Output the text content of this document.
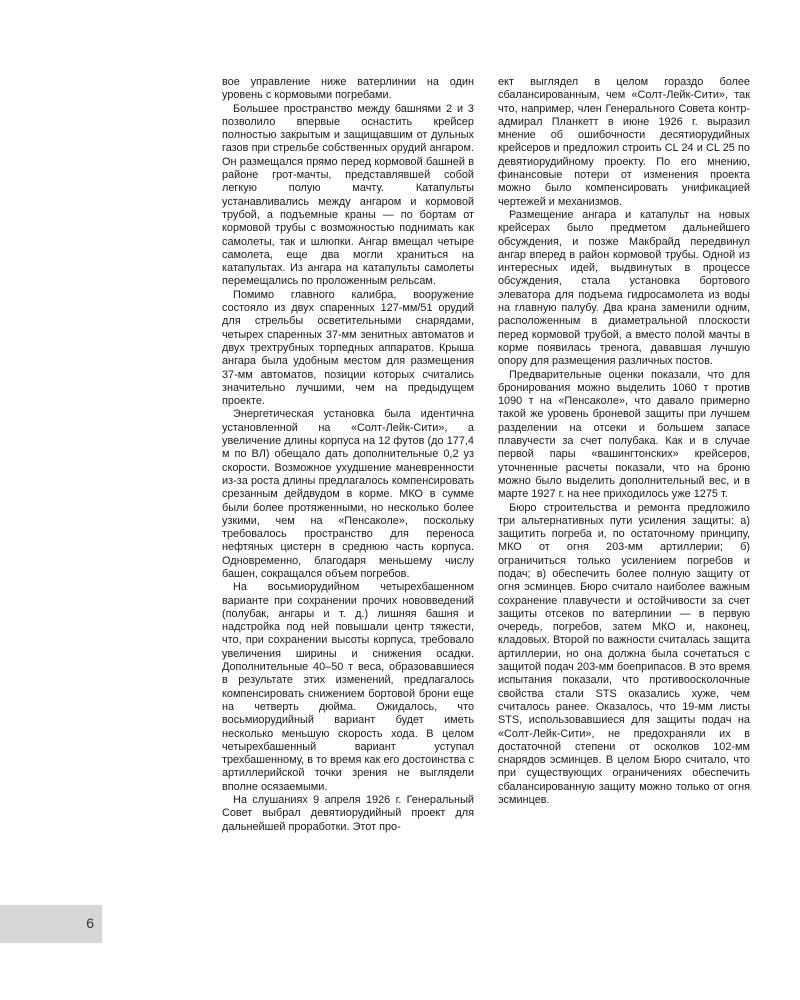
вое управление ниже ватерлинии на один уровень с кормовыми погребами.

Большее пространство между башнями 2 и 3 позволило впервые оснастить крейсер полностью закрытым и защищавшим от дульных газов при стрельбе собственных орудий ангаром. Он размещался прямо перед кормовой башней в районе грот-мачты, представлявшей собой легкую полую мачту. Катапульты устанавливались между ангаром и кормовой трубой, а подъемные краны — по бортам от кормовой трубы с возможностью поднимать как самолеты, так и шлюпки. Ангар вмещал четыре самолета, еще два могли храниться на катапультах. Из ангара на катапульты самолеты перемещались по проложенным рельсам.

Помимо главного калибра, вооружение состояло из двух спаренных 127-мм/51 орудий для стрельбы осветительными снарядами, четырех спаренных 37-мм зенитных автоматов и двух трехтрубных торпедных аппаратов. Крыша ангара была удобным местом для размещения 37-мм автоматов, позиции которых считались значительно лучшими, чем на предыдущем проекте.

Энергетическая установка была идентична установленной на «Солт-Лейк-Сити», а увеличение длины корпуса на 12 футов (до 177,4 м по ВЛ) обещало дать дополнительные 0,2 уз скорости. Возможное ухудшение маневренности из-за роста длины предлагалось компенсировать срезанным дейдвудом в корме. МКО в сумме были более протяженными, но несколько более узкими, чем на «Пенсаколе», поскольку требовалось пространство для переноса нефтяных цистерн в среднюю часть корпуса. Одновременно, благодаря меньшему числу башен, сокращался объем погребов.

На восьмиорудийном четырехбашенном варианте при сохранении прочих нововведений (полубак, ангары и т. д.) лишняя башня и надстройка под ней повышали центр тяжести, что, при сохранении высоты корпуса, требовало увеличения ширины и снижения осадки. Дополнительные 40–50 т веса, образовавшиеся в результате этих изменений, предлагалось компенсировать снижением бортовой брони еще на четверть дюйма. Ожидалось, что восьмиорудийный вариант будет иметь несколько меньшую скорость хода. В целом четырехбашенный вариант уступал трехбашенному, в то время как его достоинства с артиллерийской точки зрения не выглядели вполне осязаемыми.

На слушаниях 9 апреля 1926 г. Генеральный Совет выбрал девятиорудийный проект для дальнейшей проработки. Этот про-

ект выглядел в целом гораздо более сбалансированным, чем «Солт-Лейк-Сити», так что, например, член Генерального Совета контр-адмирал Планкетт в июне 1926 г. выразил мнение об ошибочности десятиорудийных крейсеров и предложил строить CL 24 и CL 25 по девятиорудийному проекту. По его мнению, финансовые потери от изменения проекта можно было компенсировать унификацией чертежей и механизмов.

Размещение ангара и катапульт на новых крейсерах было предметом дальнейшего обсуждения, и позже Макбрайд передвинул ангар вперед в район кормовой трубы. Одной из интересных идей, выдвинутых в процессе обсуждения, стала установка бортового элеватора для подъема гидросамолета из воды на главную палубу. Два крана заменили одним, расположенным в диаметральной плоскости перед кормовой трубой, а вместо полой мачты в корме появилась тренога, дававшая лучшую опору для размещения различных постов.

Предварительные оценки показали, что для бронирования можно выделить 1060 т против 1090 т на «Пенсаколе», что давало примерно такой же уровень броневой защиты при лучшем разделении на отсеки и большем запасе плавучести за счет полубака. Как и в случае первой пары «вашингтонских» крейсеров, уточненные расчеты показали, что на броню можно было выделить дополнительный вес, и в марте 1927 г. на нее приходилось уже 1275 т.

Бюро строительства и ремонта предложило три альтернативных пути усиления защиты: а) защитить погреба и, по остаточному принципу, МКО от огня 203-мм артиллерии; б) ограничиться только усилением погребов и подач; в) обеспечить более полную защиту от огня эсминцев. Бюро считало наиболее важным сохранение плавучести и остойчивости за счет защиты отсеков по ватерлинии — в первую очередь, погребов, затем МКО и, наконец, кладовых. Второй по важности считалась защита артиллерии, но она должна была сочетаться с защитой подач 203-мм боеприпасов. В это время испытания показали, что противоосколочные свойства стали STS оказались хуже, чем считалось ранее. Оказалось, что 19-мм листы STS, использовавшиеся для защиты подач на «Солт-Лейк-Сити», не предохраняли их в достаточной степени от осколков 102-мм снарядов эсминцев. В целом Бюро считало, что при существующих ограничениях обеспечить сбалансированную защиту можно только от огня эсминцев.

6
